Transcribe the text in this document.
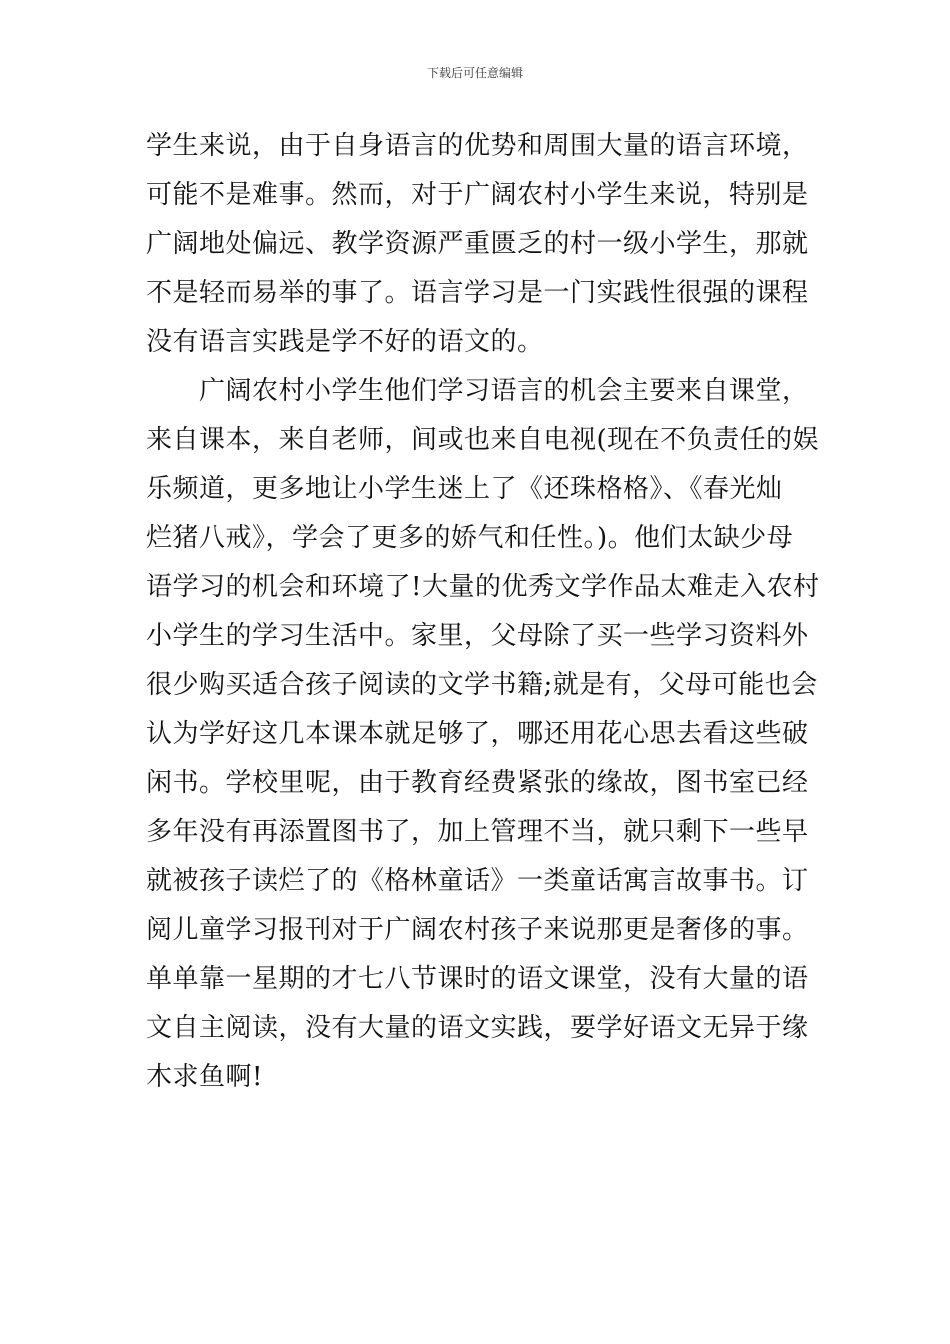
下载后可任意编辑
学生来说，由于自身语言的优势和周围大量的语言环境，
可能不是难事。然而，对于广阔农村小学生来说，特别是
广阔地处偏远、教学资源严重匮乏的村一级小学生，那就
不是轻而易举的事了。语言学习是一门实践性很强的课程
没有语言实践是学不好的语文的。
　　广阔农村小学生他们学习语言的机会主要来自课堂，
来自课本，来自老师，间或也来自电视(现在不负责任的娱
乐频道，更多地让小学生迷上了《还珠格格》、《春光灿
烂猪八戒》，学会了更多的娇气和任性。)。他们太缺少母
语学习的机会和环境了!大量的优秀文学作品太难走入农村
小学生的学习生活中。家里，父母除了买一些学习资料外
很少购买适合孩子阅读的文学书籍;就是有，父母可能也会
认为学好这几本课本就足够了，哪还用花心思去看这些破
闲书。学校里呢，由于教育经费紧张的缘故，图书室已经
多年没有再添置图书了，加上管理不当，就只剩下一些早
就被孩子读烂了的《格林童话》一类童话寓言故事书。订
阅儿童学习报刊对于广阔农村孩子来说那更是奢侈的事。
单单靠一星期的才七八节课时的语文课堂，没有大量的语
文自主阅读，没有大量的语文实践，要学好语文无异于缘
木求鱼啊!
